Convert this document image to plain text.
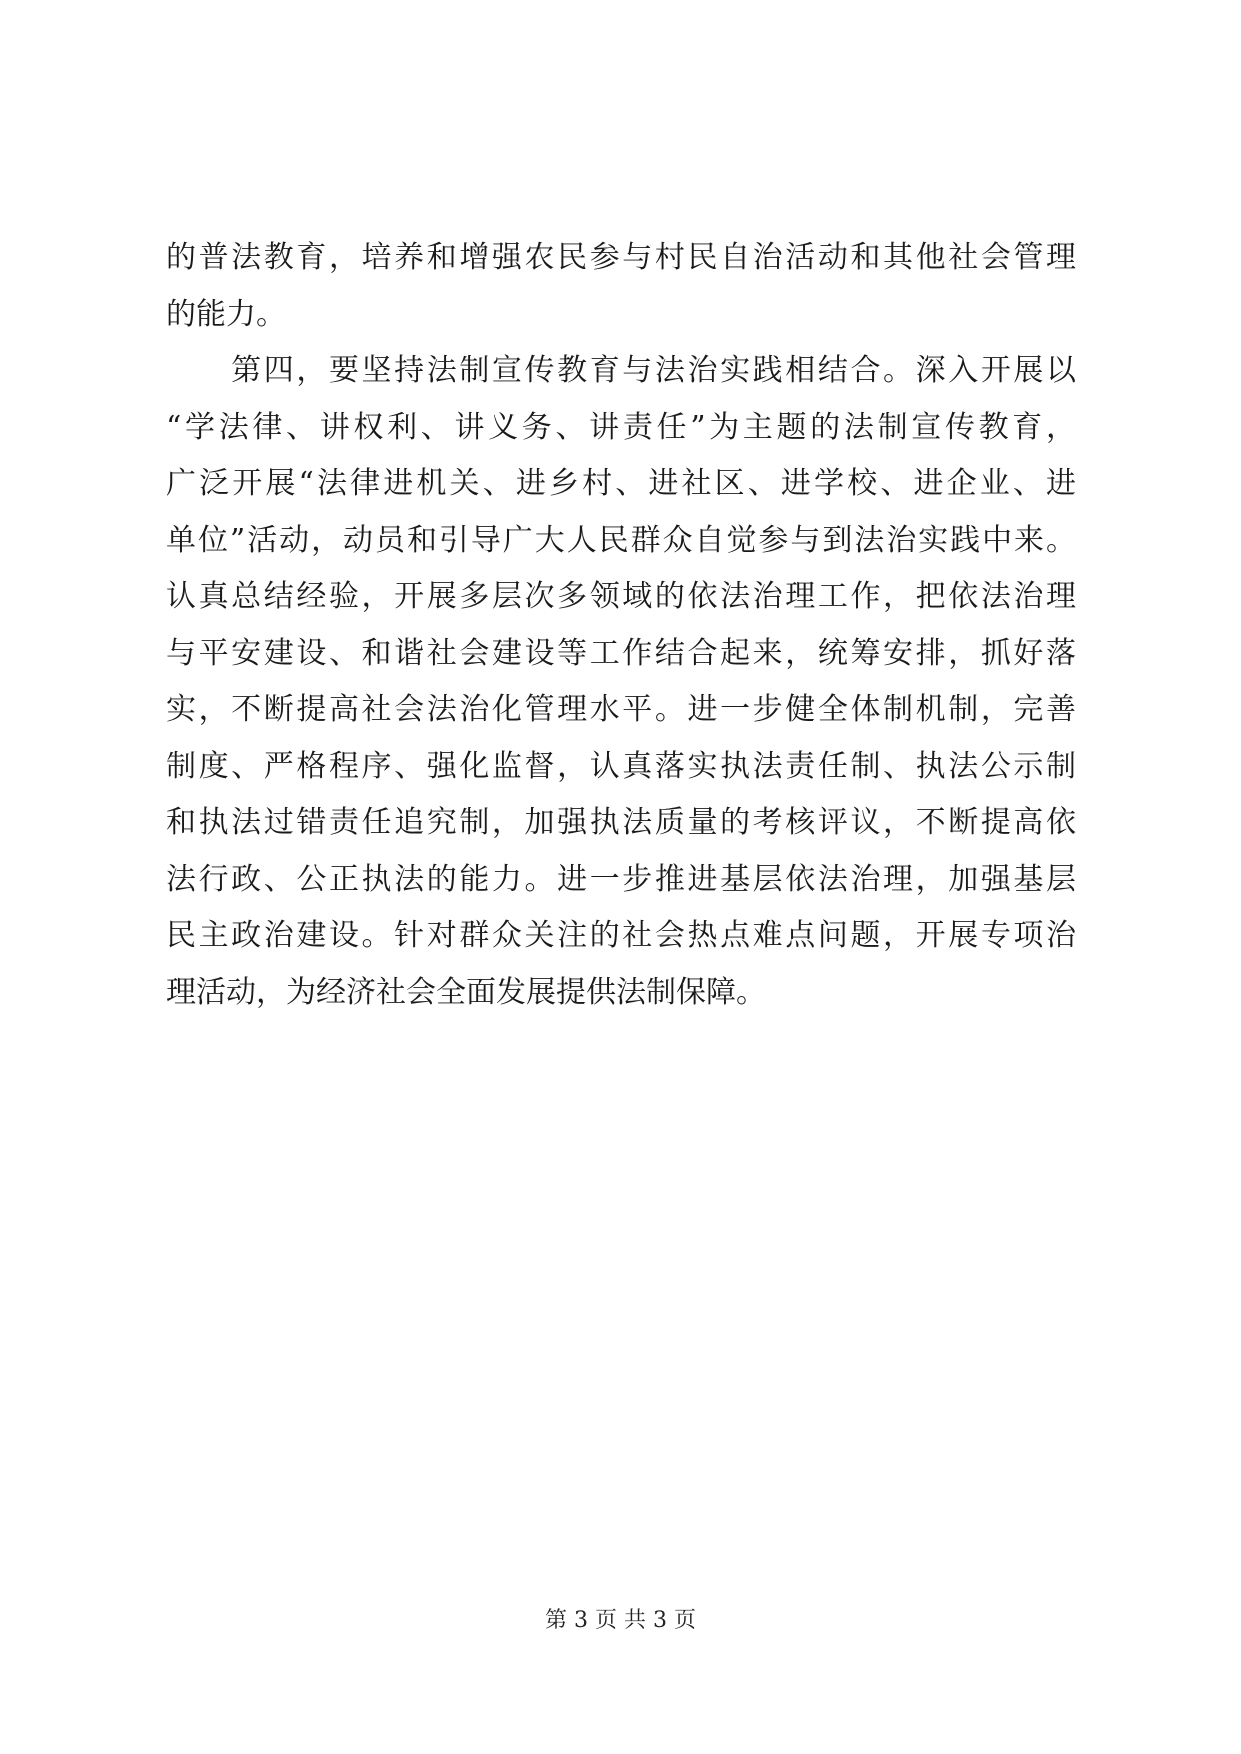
的普法教育，培养和增强农民参与村民自治活动和其他社会管理
的能力。
　　第四，要坚持法制宣传教育与法治实践相结合。深入开展以
“学法律、讲权利、讲义务、讲责任”为主题的法制宣传教育，
广泛开展“法律进机关、进乡村、进社区、进学校、进企业、进
单位”活动，动员和引导广大人民群众自觉参与到法治实践中来。
认真总结经验，开展多层次多领域的依法治理工作，把依法治理
与平安建设、和谐社会建设等工作结合起来，统筹安排，抓好落
实，不断提高社会法治化管理水平。进一步健全体制机制，完善
制度、严格程序、强化监督，认真落实执法责任制、执法公示制
和执法过错责任追究制，加强执法质量的考核评议，不断提高依
法行政、公正执法的能力。进一步推进基层依法治理，加强基层
民主政治建设。针对群众关注的社会热点难点问题，开展专项治
理活动，为经济社会全面发展提供法制保障。
第 3 页 共 3 页
